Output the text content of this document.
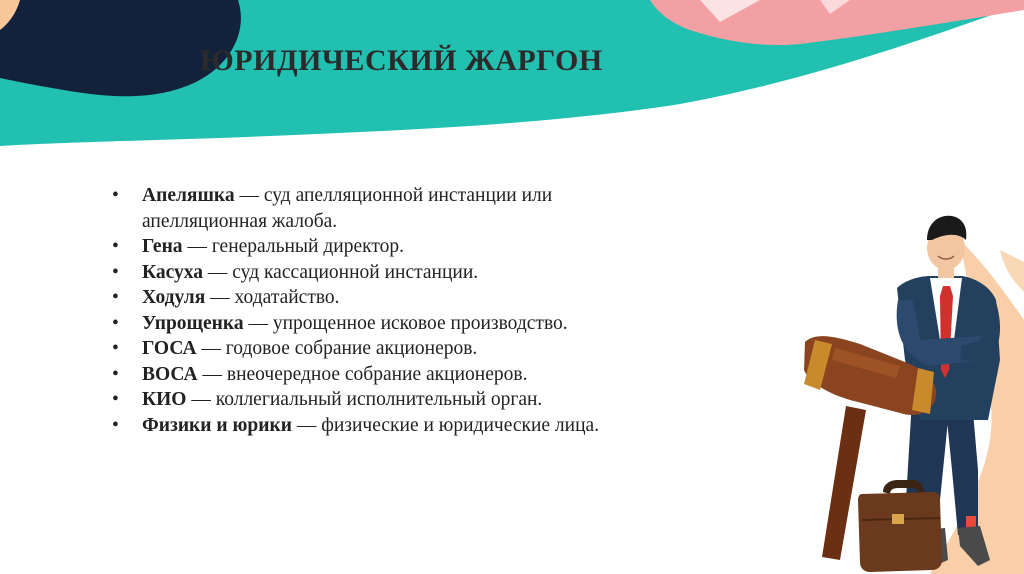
ЮРИДИЧЕСКИЙ ЖАРГОН
• Апеляшка — суд апелляционной инстанции или апелляционная жалоба.
• Гена — генеральный директор.
• Касуха — суд кассационной инстанции.
• Ходуля — ходатайство.
• Упрощенка — упрощенное исковое производство.
• ГОСА — годовое собрание акционеров.
• ВОСА — внеочередное собрание акционеров.
• КИО — коллегиальный исполнительный орган.
• Физики и юрики — физические и юридические лица.
